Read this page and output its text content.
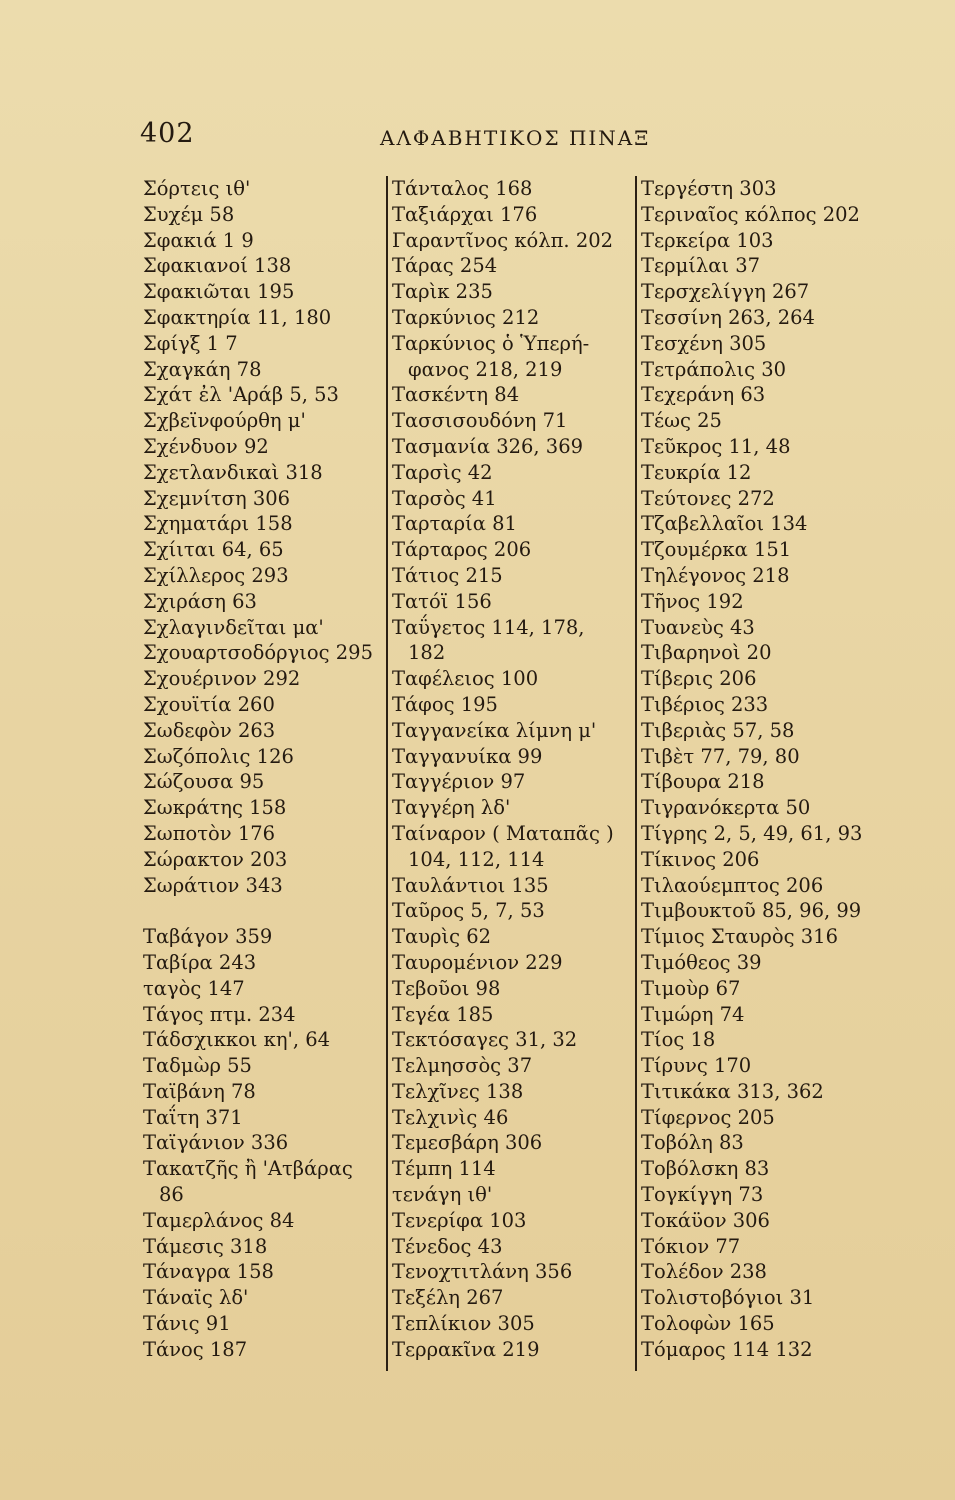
402	ΑΛΦΑΒΗΤΙΚΟΣ ΠΙΝΑΞ
Σόρτεις ιθ'
Συχέμ 58
Σφακιά 1 9
Σφακιανοί 138
Σφακιῶται 195
Σφακτηρία 11, 180
Σφίγξ 1 7
Σχαγκάη 78
Σχάτ ἐλ 'Αράβ 5, 53
Σχβεϊνφούρθη μ'
Σχένδυον 92
Σχετλανδικαὶ 318
Σχεμνίτση 306
Σχηματάρι 158
Σχίιται 64, 65
Σχίλλερος 293
Σχιράση 63
Σχλαγινδεῖται μα'
Σχουαρτσοδόργιος 295
Σχουέρινον 292
Σχουϊτία 260
Σωδεφὸν 263
Σωζόπολις 126
Σώζουσα 95
Σωκράτης 158
Σωποτὸν 176
Σώρακτον 203
Σωράτιον 343
Ταβάγον 359
Ταβίρα 243
ταγὸς 147
Τάγος πτμ. 234
Τάδσχικκοι κη', 64
Ταδμὼρ 55
Ταϊβάνη 78
Ταΐτη 371
Ταϊγάνιον 336
Τακατζῆς ἢ 'Ατβάρας
86
Ταμερλάνος 84
Τάμεσις 318
Τάναγρα 158
Τάναϊς λδ'
Τάνις 91
Τάνος 187
Τάνταλος 168
Ταξιάρχαι 176
Γαραντῖνος κόλπ. 202
Τάρας 254
Ταρὶκ 235
Ταρκύνιος 212
Ταρκύνιος ὁ Ὑπερή-
φανος 218, 219
Τασκέντη 84
Τασσισουδόνη 71
Τασμανία 326, 369
Ταρσὶς 42
Ταρσὸς 41
Ταρταρία 81
Τάρταρος 206
Τάτιος 215
Τατόϊ 156
Ταΰγετος 114, 178,
182
Ταφέλειος 100
Τάφος 195
Ταγγανείκα λίμνη μ'
Ταγγανυίκα 99
Ταγγέριον 97
Ταγγέρη λδ'
Ταίναρον ( Ματαπᾶς )
104, 112, 114
Ταυλάντιοι 135
Ταῦρος 5, 7, 53
Ταυρὶς 62
Ταυρομένιον 229
Τεβοῦοι 98
Τεγέα 185
Τεκτόσαγες 31, 32
Τελμησσὸς 37
Τελχῖνες 138
Τελχινὶς 46
Τεμεσβάρη 306
Τέμπη 114
τενάγη ιθ'
Τενερίφα 103
Τένεδος 43
Τενοχτιτλάνη 356
Τεξέλη 267
Τεπλίκιον 305
Τερρακῖνα 219
Τεργέστη 303
Τεριναῖος κόλπος 202
Τερκείρα 103
Τερμίλαι 37
Τερσχελίγγη 267
Τεσσίνη 263, 264
Τεσχένη 305
Τετράπολις 30
Τεχεράνη 63
Τέως 25
Τεῦκρος 11, 48
Τευκρία 12
Τεύτονες 272
Τζαβελλαῖοι 134
Τζουμέρκα 151
Τηλέγονος 218
Τῆνος 192
Τυανεὺς 43
Τιβαρηνοὶ 20
Τίβερις 206
Τιβέριος 233
Τιβεριὰς 57, 58
Τιβὲτ 77, 79, 80
Τίβουρα 218
Τιγρανόκερτα 50
Τίγρης 2, 5, 49, 61, 93
Τίκινος 206
Τιλαούεμπτος 206
Τιμβουκτοῦ 85, 96, 99
Τίμιος Σταυρὸς 316
Τιμόθεος 39
Τιμοὺρ 67
Τιμώρη 74
Τίος 18
Τίρυνς 170
Τιτικάκα 313, 362
Τίφερνος 205
Τοβόλη 83
Τοβόλσκη 83
Τογκίγγη 73
Τοκάϋον 306
Τόκιον 77
Τολέδον 238
Τολιστοβόγιοι 31
Τολοφὼν 165
Τόμαρος 114 132
